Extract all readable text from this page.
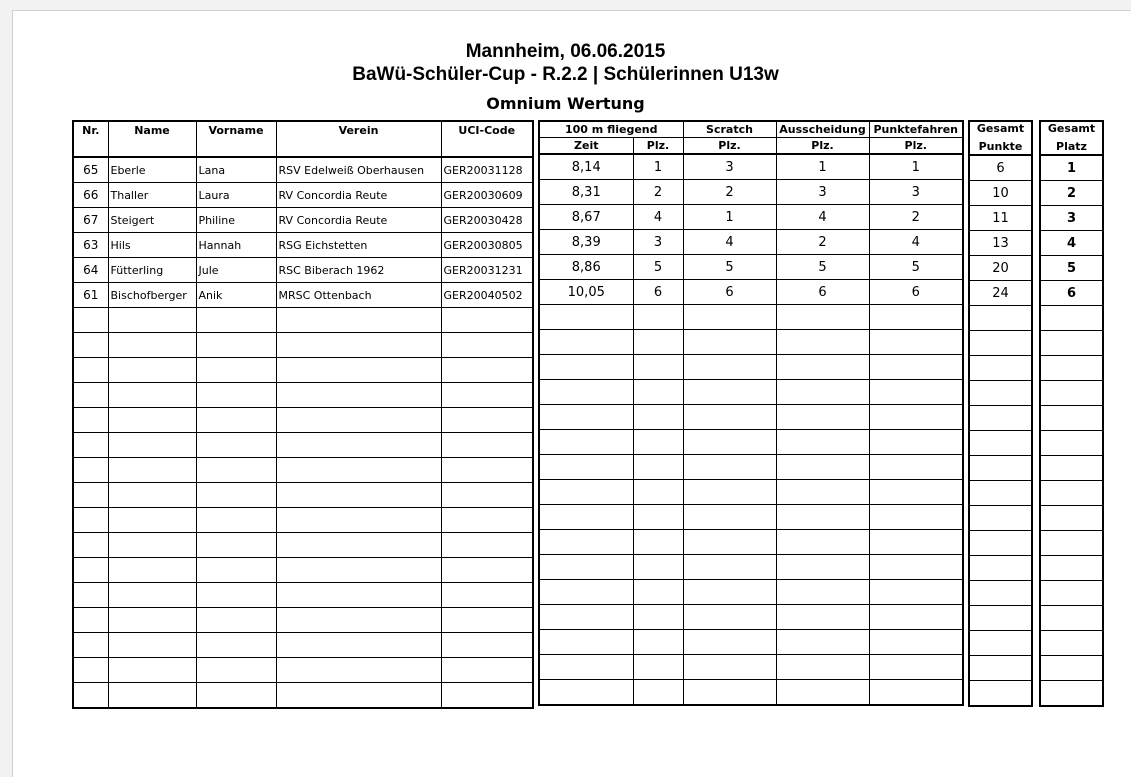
Mannheim, 06.06.2015
BaWü-Schüler-Cup - R.2.2 | Schülerinnen U13w
Omnium Wertung
Nr.	Name	Vorname	Verein	UCI-Code
65	Eberle	Lana	RSV Edelweiß Oberhausen	GER20031128
66	Thaller	Laura	RV Concordia Reute	GER20030609
67	Steigert	Philine	RV Concordia Reute	GER20030428
63	Hils	Hannah	RSG Eichstetten	GER20030805
64	Fütterling	Jule	RSC Biberach 1962	GER20031231
61	Bischofberger	Anik	MRSC Ottenbach	GER20040502

100 m fliegend		Scratch	Ausscheidung	Punktefahren
Zeit	Plz.	Plz.	Plz.	Plz.
8,14	1	3	1	1
8,31	2	2	3	3
8,67	4	1	4	2
8,39	3	4	2	4
8,86	5	5	5	5
10,05	6	6	6	6

Gesamt
Punkte

6
10
11
13
20
24

Gesamt
Platz

1
2
3
4
5
6
